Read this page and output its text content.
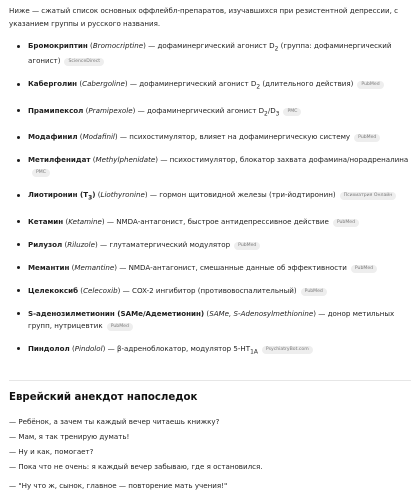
Ниже — сжатый список основных оффлейбл-препаратов, изучавшихся при резистентной депрессии, с указанием группы и русского названия.

Бромокриптин (Bromocriptine) — дофаминергический агонист $D_2$ (группа: дофаминергический агонист) ScienceDirect
Каберголин (Cabergoline) — дофаминергический агонист $D_2$ (длительного действия) PubMed
Прамипексол (Pramipexole) — дофаминергический агонист $D_2/D_3$ PMC
Модафинил (Modafinil) — психостимулятор, влияет на дофаминергическую систему PubMed
Метилфенидат (Methylphenidate) — психостимулятор, блокатор захвата дофамина/норадреналинаPMC
Лиотиронин $(T_3)$ (Liothyronine) — гормон щитовидной железы (три-йодтиронин) Психиатрия Онлайн
Кетамин (Ketamine) — NMDA-антагонист, быстрое антидепрессивное действие PubMed
Рилузол (Riluzole) — глутаматергический модулятор PubMed
Мемантин (Memantine) — NMDA-антагонист, смешанные данные об эффективности PubMed
Целекоксиб (Celecoxib) — COX-2 ингибитор (противовоспалительный) PubMed
S-аденозилметионин (SAMe/Адеметионин) (SAMe, S-Adenosylmethionine) — донор метильных групп, нутрицевтик PubMed
Пиндолол (Pindolol) — β-адреноблокатор, модулятор $5-HT_{1A}$ PsychiatryBot.com
Еврейский анекдот напоследок

— Ребёнок, а зачем ты каждый вечер читаешь книжку?

— Мам, я так тренирую думать!

— Ну и как, помогает?

— Пока что не очень: я каждый вечер забываю, где я остановился.

— "Ну что ж, сынок, главное — повторение мать учения!"
